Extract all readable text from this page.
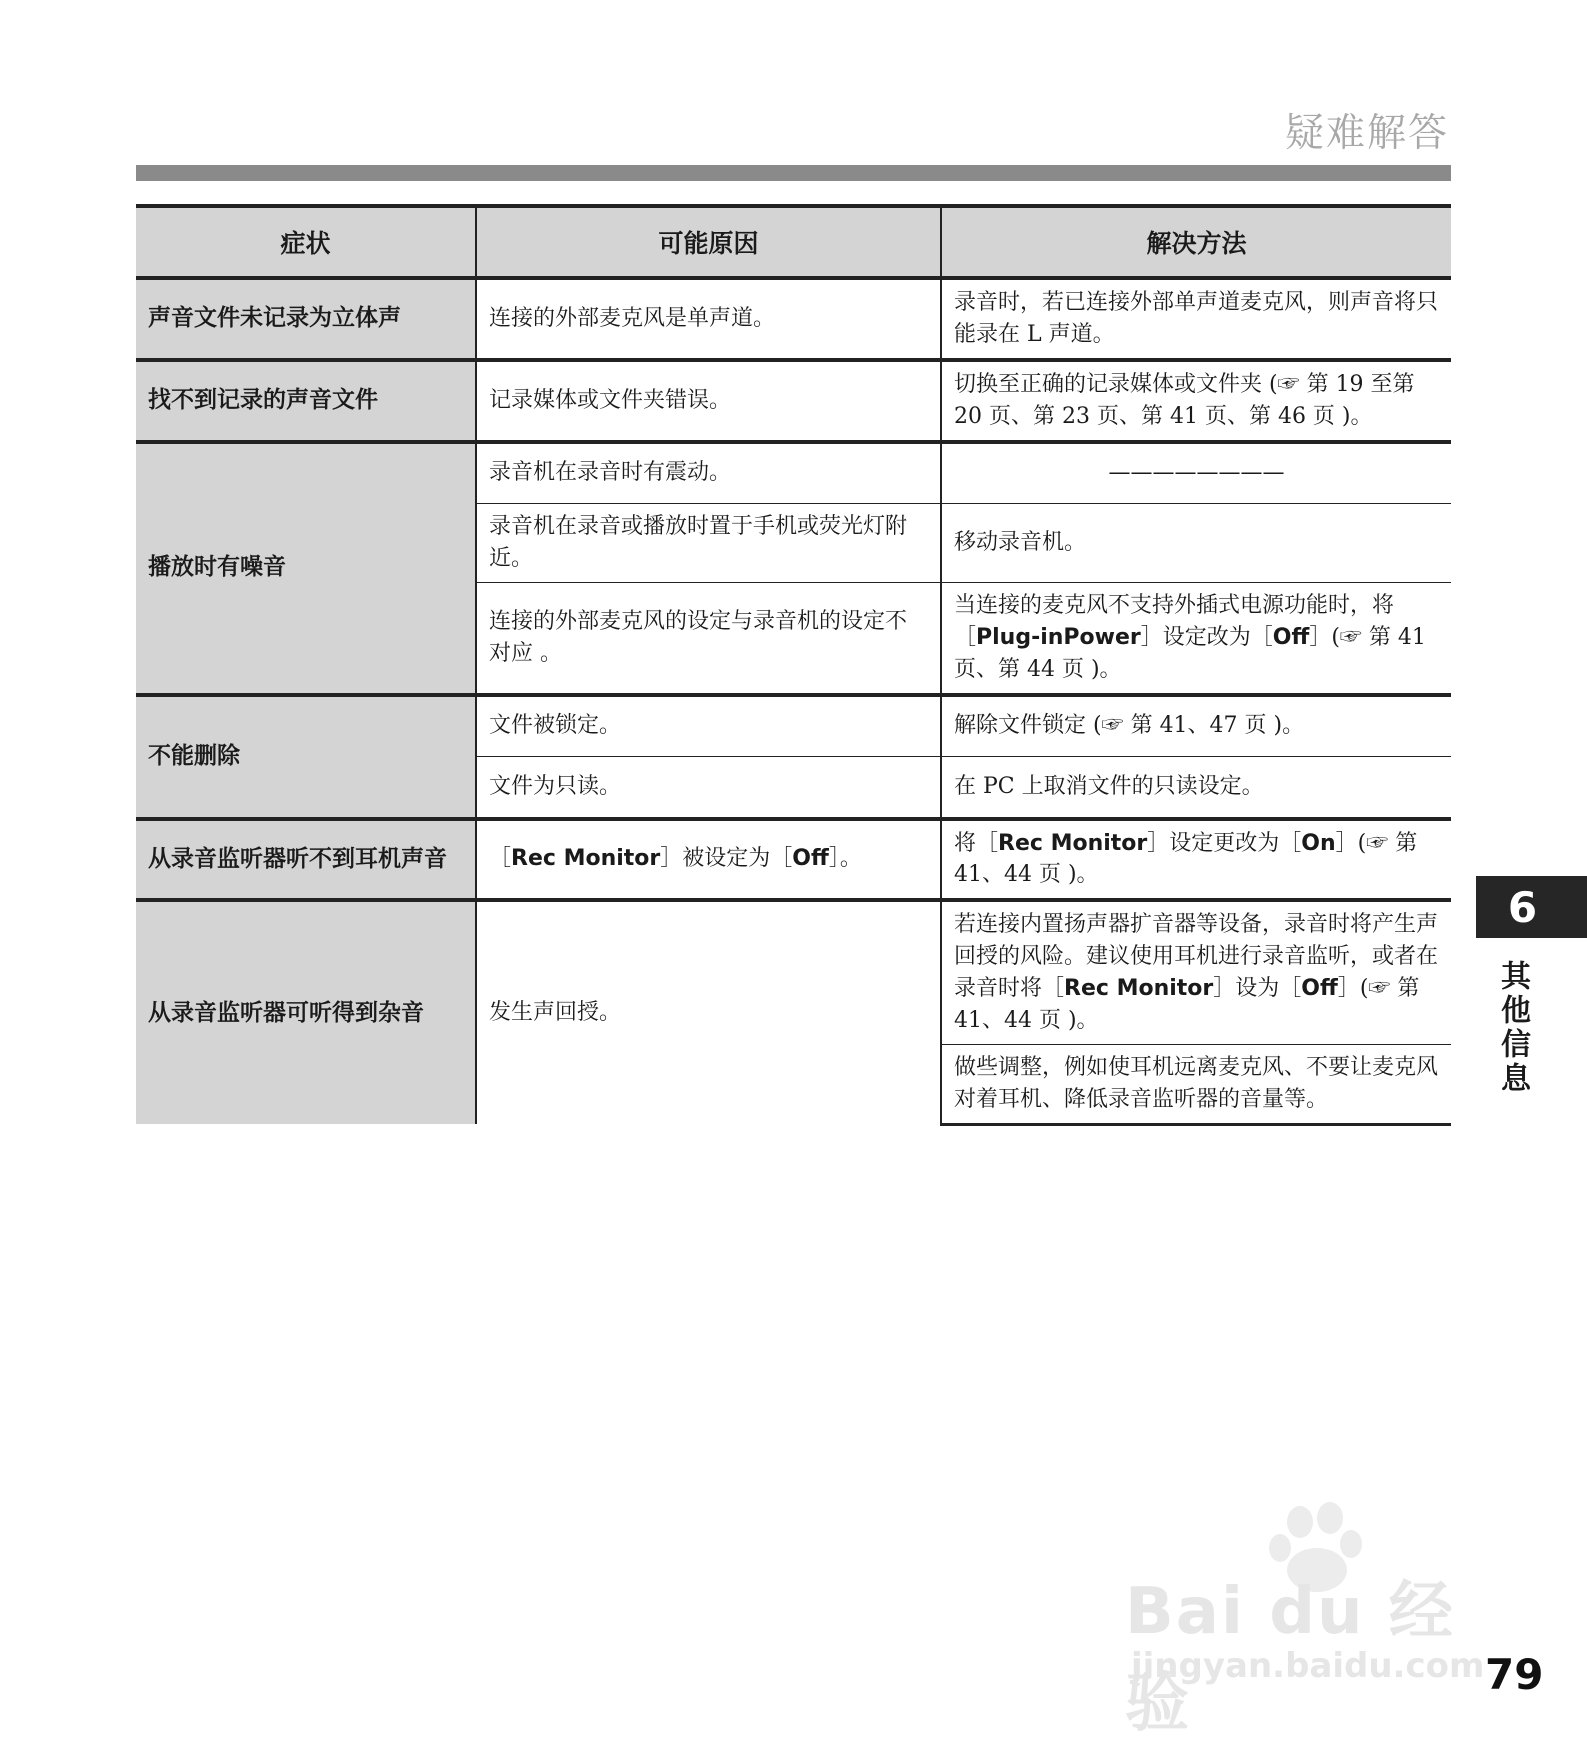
疑难解答
症状	可能原因	解决方法
声音文件未记录为立体声	连接的外部麦克风是单声道。	录音时，若已连接外部单声道麦克风，则声音将只能录在 L 声道。
找不到记录的声音文件	记录媒体或文件夹错误。	切换至正确的记录媒体或文件夹 (☞ 第 19 至第 20 页、第 23 页、第 41 页、第 46 页 )。
播放时有噪音	录音机在录音时有震动。	————————
	录音机在录音或播放时置于手机或荧光灯附近。	移动录音机。
	连接的外部麦克风的设定与录音机的设定不对应 。	当连接的麦克风不支持外插式电源功能时，将［Plug-inPower］设定改为［Off］(☞ 第 41 页、第 44 页 )。
不能删除	文件被锁定。	解除文件锁定 (☞ 第 41、47 页 )。
	文件为只读。	在 PC 上取消文件的只读设定。
从录音监听器听不到耳机声音	［Rec Monitor］被设定为［Off］。	将［Rec Monitor］设定更改为［On］(☞ 第 41、44 页 )。
从录音监听器可听得到杂音	发生声回授。	若连接内置扬声器扩音器等设备，录音时将产生声回授的风险。建议使用耳机进行录音监听，或者在录音时将［Rec Monitor］设为［Off］(☞ 第 41、44 页 )。
		做些调整，例如使耳机远离麦克风、不要让麦克风对着耳机、降低录音监听器的音量等。
6
其他信息
Bai du 经验
jingyan.baidu.com 79
